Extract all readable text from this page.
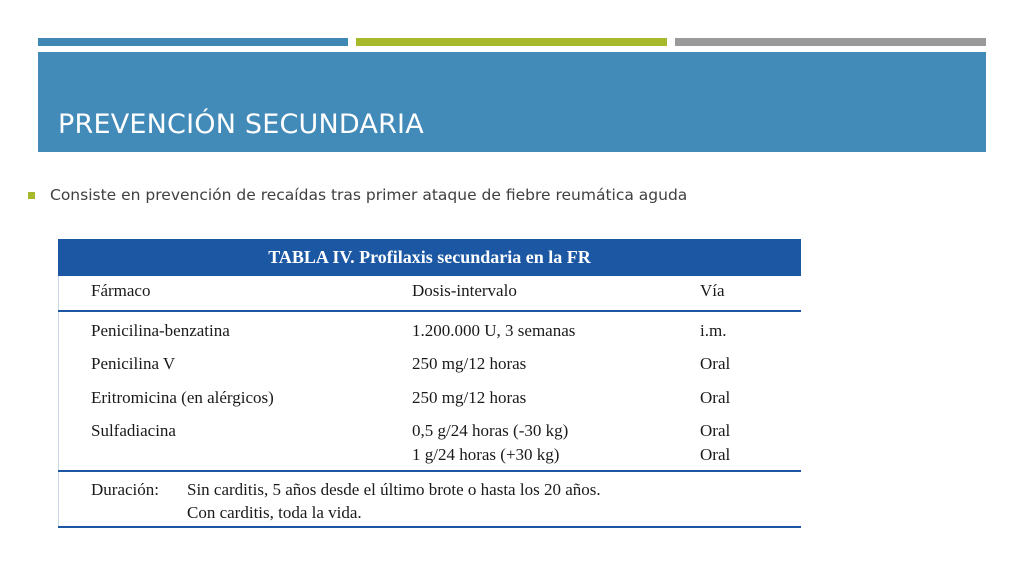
PREVENCIÓN SECUNDARIA
Consiste en prevención de recaídas tras primer ataque de fiebre reumática aguda
TABLA IV. Profilaxis secundaria en la FR
Fármaco	Dosis-intervalo	Vía
Penicilina-benzatina	1.200.000 U, 3 semanas	i.m.
Penicilina V	250 mg/12 horas	Oral
Eritromicina (en alérgicos)	250 mg/12 horas	Oral
Sulfadiacina	0,5 g/24 horas (-30 kg)	Oral
1 g/24 horas (+30 kg)	Oral
Duración: Sin carditis, 5 años desde el último brote o hasta los 20 años.
Con carditis, toda la vida.
